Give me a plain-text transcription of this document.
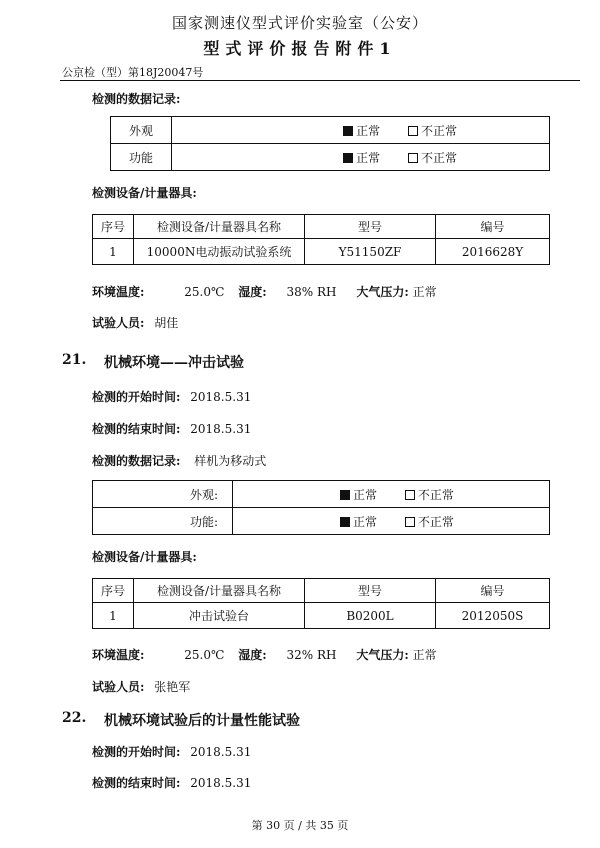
国家测速仪型式评价实验室（公安）
型式评价报告附件1
公京检（型）第18J20047号
检测的数据记录:
外观	正常 不正常
功能	正常 不正常
检测设备/计量器具:
序号	检测设备/计量器具名称	型号	编号
1	10000N电动振动试验系统	Y51150ZF	2016628Y
环境温度:	25.0℃ 湿度: 38% RH 大气压力: 正常
试验人员: 胡佳
21. 机械环境——冲击试验
检测的开始时间: 2018.5.31
检测的结束时间: 2018.5.31
检测的数据记录: 样机为移动式
外观:	正常 不正常
功能:	正常 不正常
检测设备/计量器具:
序号	检测设备/计量器具名称	型号	编号
1	冲击试验台	B0200L	2012050S
环境温度:	25.0℃ 湿度: 32% RH 大气压力: 正常
试验人员: 张艳军
22. 机械环境试验后的计量性能试验
检测的开始时间: 2018.5.31
检测的结束时间: 2018.5.31
第 30 页 / 共 35 页
